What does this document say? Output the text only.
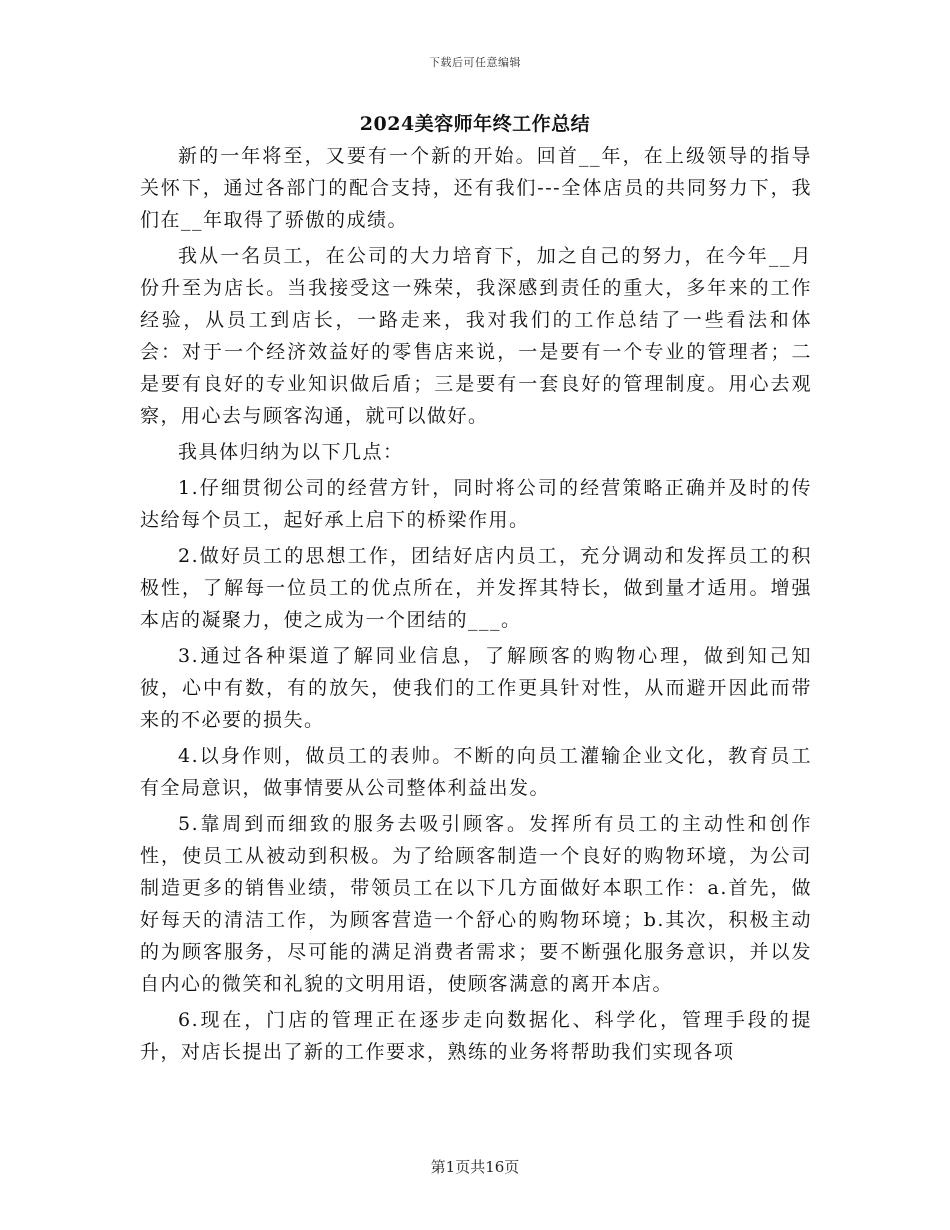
下载后可任意编辑
2024美容师年终工作总结

新的一年将至，又要有一个新的开始。回首__年，在上级领导的指导关怀下，通过各部门的配合支持，还有我们---全体店员的共同努力下，我们在__年取得了骄傲的成绩。

我从一名员工，在公司的大力培育下，加之自己的努力，在今年__月份升至为店长。当我接受这一殊荣，我深感到责任的重大，多年来的工作经验，从员工到店长，一路走来，我对我们的工作总结了一些看法和体会：对于一个经济效益好的零售店来说，一是要有一个专业的管理者；二是要有良好的专业知识做后盾；三是要有一套良好的管理制度。用心去观察，用心去与顾客沟通，就可以做好。

我具体归纳为以下几点：

1.仔细贯彻公司的经营方针，同时将公司的经营策略正确并及时的传达给每个员工，起好承上启下的桥梁作用。

2.做好员工的思想工作，团结好店内员工，充分调动和发挥员工的积极性，了解每一位员工的优点所在，并发挥其特长，做到量才适用。增强本店的凝聚力，使之成为一个团结的___。

3.通过各种渠道了解同业信息，了解顾客的购物心理，做到知己知彼，心中有数，有的放矢，使我们的工作更具针对性，从而避开因此而带来的不必要的损失。

4.以身作则，做员工的表帅。不断的向员工灌输企业文化，教育员工有全局意识，做事情要从公司整体利益出发。

5.靠周到而细致的服务去吸引顾客。发挥所有员工的主动性和创作性，使员工从被动到积极。为了给顾客制造一个良好的购物环境，为公司制造更多的销售业绩，带领员工在以下几方面做好本职工作：a.首先，做好每天的清洁工作，为顾客营造一个舒心的购物环境；b.其次，积极主动的为顾客服务，尽可能的满足消费者需求；要不断强化服务意识，并以发自内心的微笑和礼貌的文明用语，使顾客满意的离开本店。

6.现在，门店的管理正在逐步走向数据化、科学化，管理手段的提升，对店长提出了新的工作要求，熟练的业务将帮助我们实现各项

第1页共16页
